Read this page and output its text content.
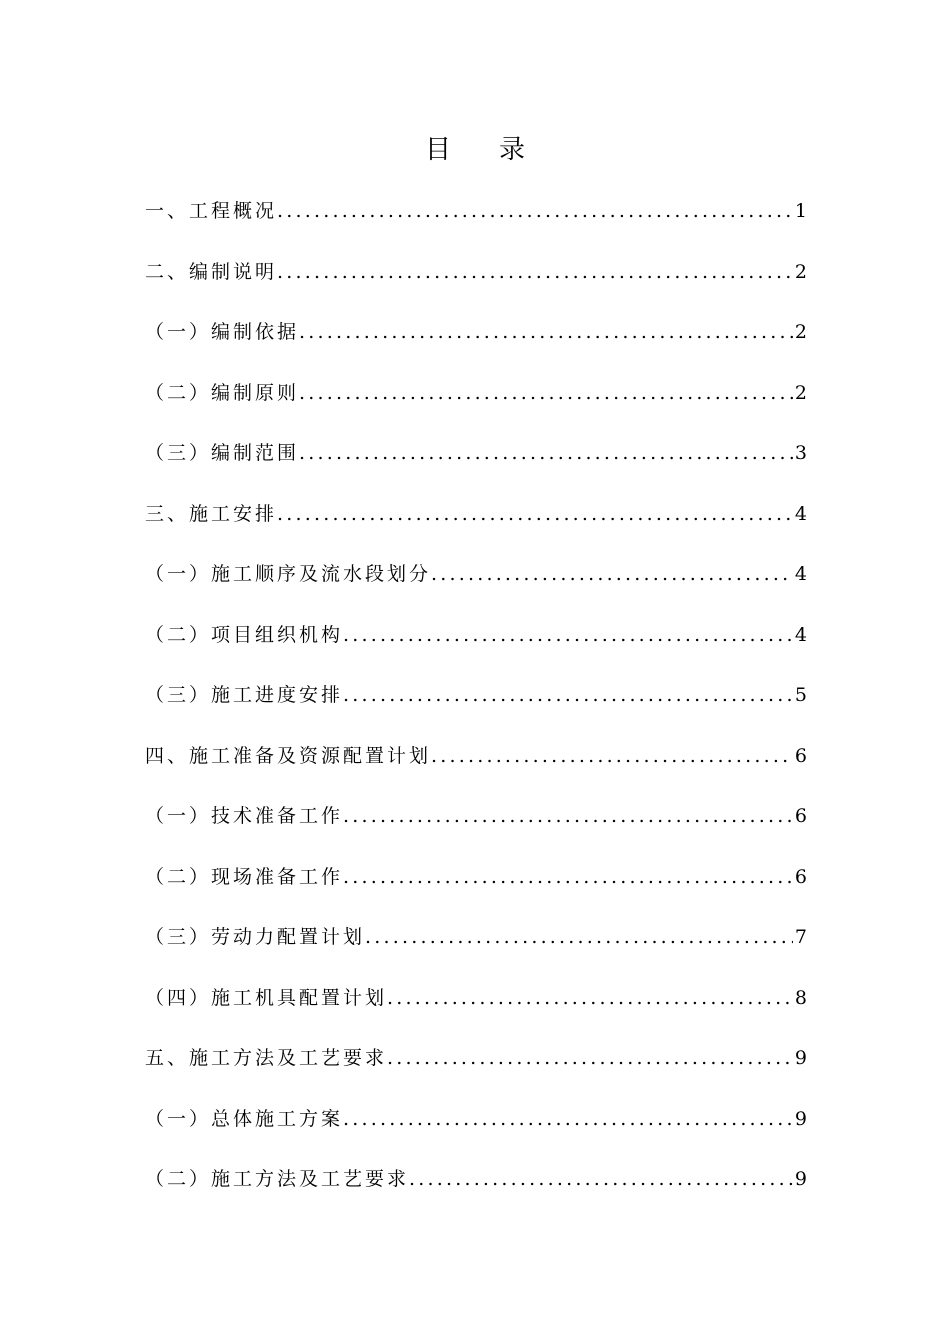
目 录
一、工程概况 .....	1
二、编制说明 .....	2
（一）编制依据 .....	2
（二）编制原则 .....	2
（三）编制范围 .....	3
三、施工安排 .....	4
（一）施工顺序及流水段划分 .....	4
（二）项目组织机构 .....	4
（三）施工进度安排 .....	5
四、施工准备及资源配置计划 .....	6
（一）技术准备工作 .....	6
（二）现场准备工作 .....	6
（三）劳动力配置计划 .....	7
（四）施工机具配置计划 .....	8
五、施工方法及工艺要求 .....	9
（一）总体施工方案 .....	9
（二）施工方法及工艺要求 .....	9
